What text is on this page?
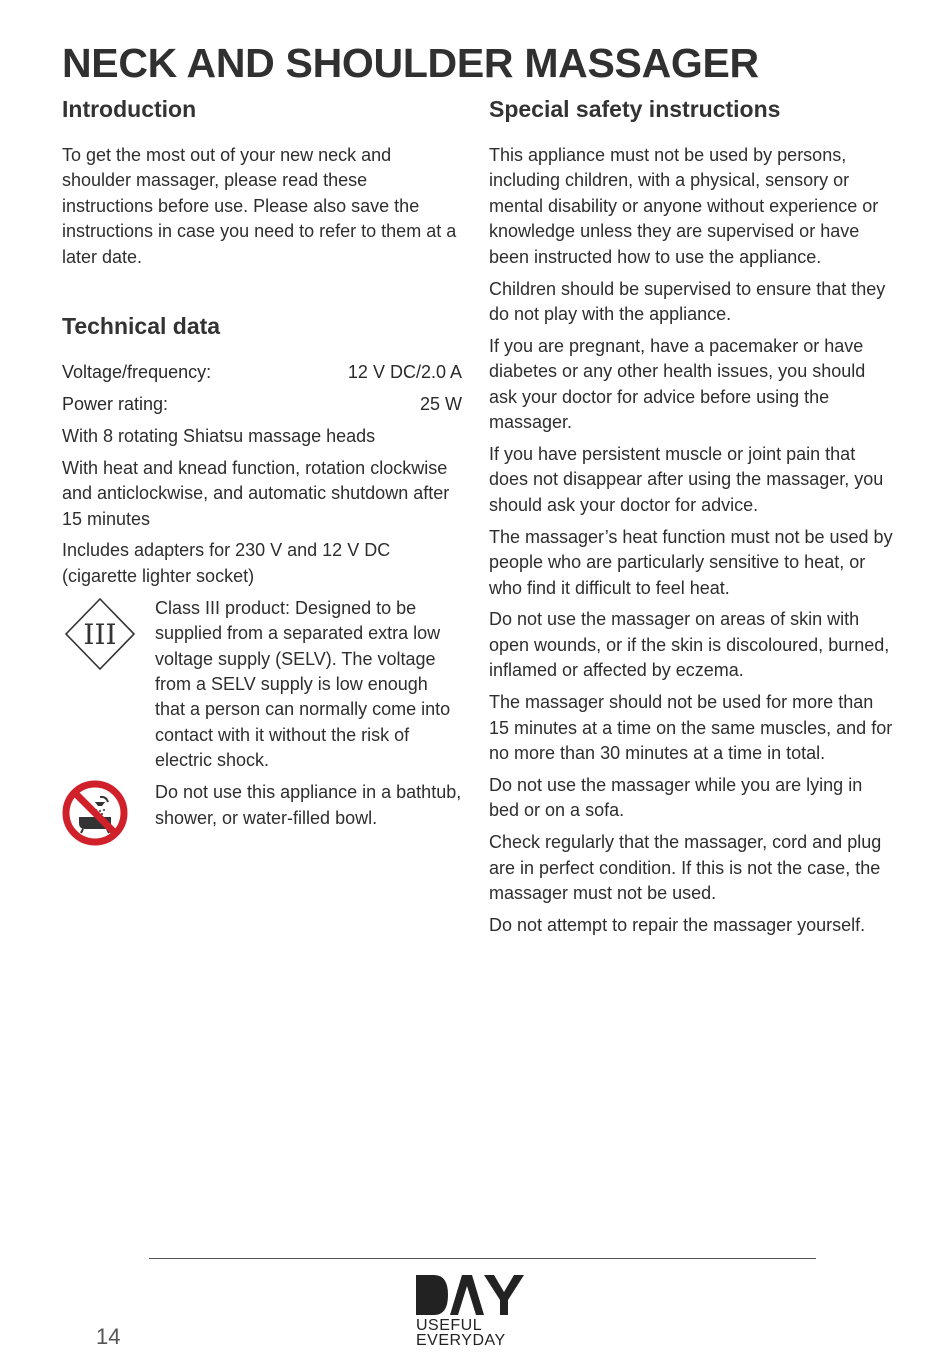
NECK AND SHOULDER MASSAGER
Introduction

To get the most out of your new neck and shoulder massager, please read these instructions before use. Please also save the instructions in case you need to refer to them at a later date.

Technical data
Voltage/frequency:	12 V DC/2.0 A
Power rating:	25 W

With 8 rotating Shiatsu massage heads

With heat and knead function, rotation clockwise and anticlockwise, and automatic shutdown after 15 minutes

Includes adapters for 230 V and 12 V DC (cigarette lighter socket)

III

Class III product: Designed to be supplied from a separated extra low voltage supply (SELV). The voltage from a SELV supply is low enough that a person can normally come into contact with it without the risk of electric shock.

Do not use this appliance in a bathtub, shower, or water-filled bowl.

Special safety instructions

This appliance must not be used by persons, including children, with a physical, sensory or mental disability or anyone without experience or knowledge unless they are supervised or have been instructed how to use the appliance.

Children should be supervised to ensure that they do not play with the appliance.

If you are pregnant, have a pacemaker or have diabetes or any other health issues, you should ask your doctor for advice before using the massager.

If you have persistent muscle or joint pain that does not disappear after using the massager, you should ask your doctor for advice.

The massager’s heat function must not be used by people who are particularly sensitive to heat, or who find it difficult to feel heat.

Do not use the massager on areas of skin with open wounds, or if the skin is discoloured, burned, inflamed or affected by eczema.

The massager should not be used for more than 15 minutes at a time on the same muscles, and for no more than 30 minutes at a time in total.

Do not use the massager while you are lying in bed or on a sofa.

Check regularly that the massager, cord and plug are in perfect condition. If this is not the case, the massager must not be used.

Do not attempt to repair the massager yourself.

14	USEFUL
EVERYDAY
